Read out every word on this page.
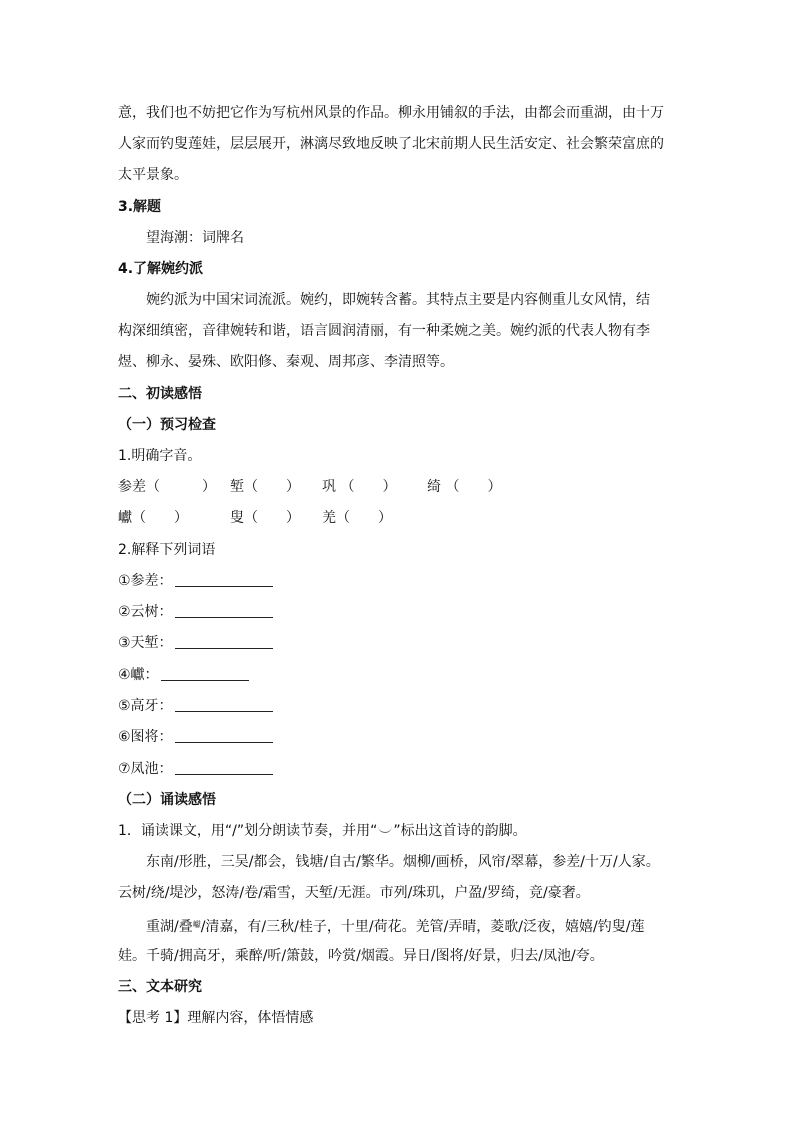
意，我们也不妨把它作为写杭州风景的作品。柳永用铺叙的手法，由都会而重湖，由十万
人家而钓叟莲娃，层层展开，淋漓尽致地反映了北宋前期人民生活安定、社会繁荣富庶的
太平景象。
3.解题
望海潮：词牌名
4.了解婉约派
婉约派为中国宋词流派。婉约，即婉转含蓄。其特点主要是内容侧重儿女风情，结
构深细缜密，音律婉转和谐，语言圆润清丽，有一种柔婉之美。婉约派的代表人物有李
煜、柳永、晏殊、欧阳修、秦观、周邦彦、李清照等。
二、初读感悟
（一）预习检查
1.明确字音。
参差（　　　） 堑（　　） 巩 （　　） 绮 （　　）
巘（　　）	叟（　　） 羌（　　）
2.解释下列词语
①参差：
②云树：
③天堑：
④巘：
⑤高牙：
⑥图将：
⑦凤池：
（二）诵读感悟
1．诵读课文，用“/”划分朗读节奏，并用“ ”标出这首诗的韵脚。
东南/形胜，三吴/都会，钱塘/自古/繁华。烟柳/画桥，风帘/翠幕，参差/十万/人家。
云树/绕/堤沙，怒涛/卷/霜雪，天堑/无涯。市列/珠玑，户盈/罗绮，竞/豪奢。
重湖/叠$^巘$/清嘉，有/三秋/桂子，十里/荷花。羌管/弄晴，菱歌/泛夜，嬉嬉/钓叟/莲
娃。千骑/拥高牙，乘醉/听/箫鼓，吟赏/烟霞。异日/图将/好景，归去/凤池/夸。
三、文本研究
【思考 1】理解内容，体悟情感
